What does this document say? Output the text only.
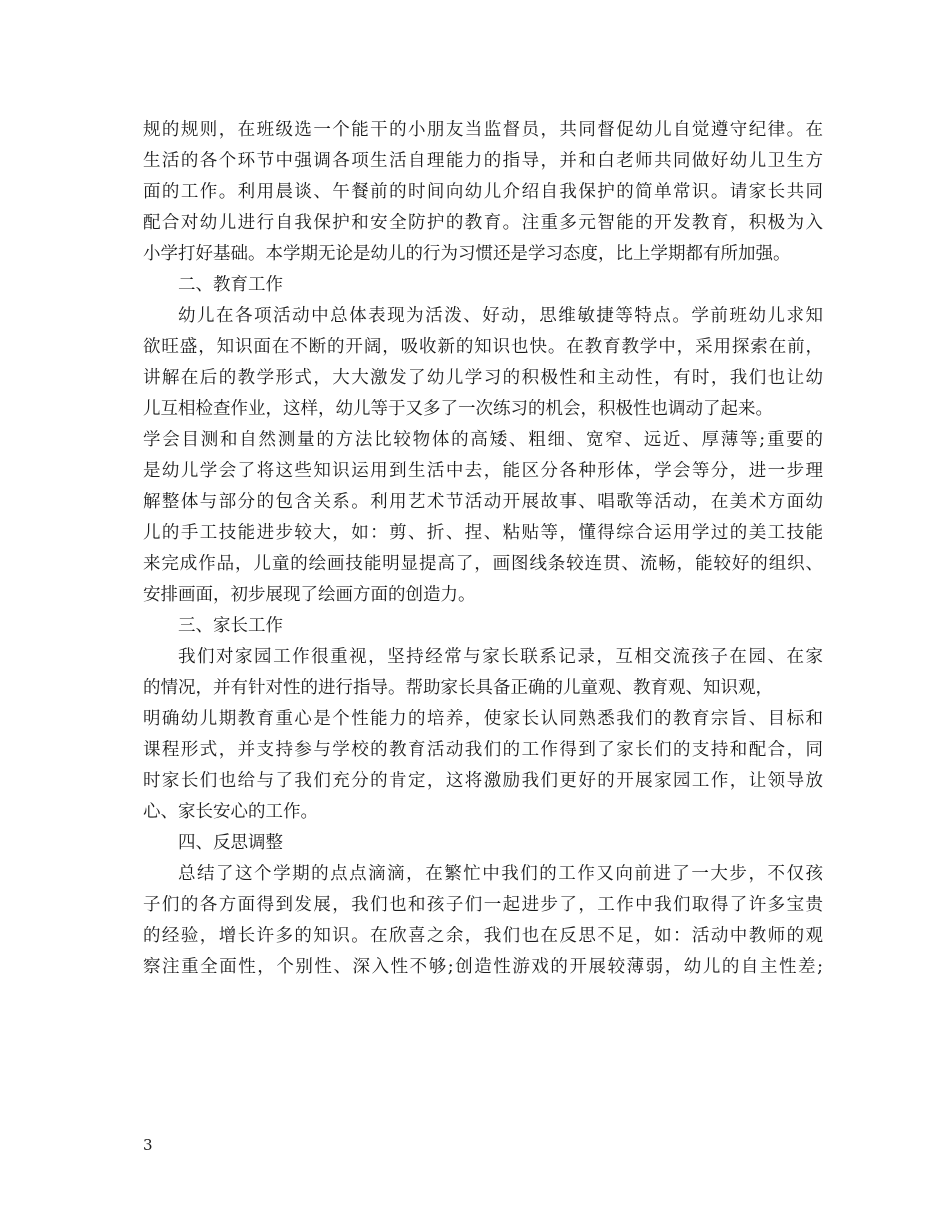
规的规则，在班级选一个能干的小朋友当监督员，共同督促幼儿自觉遵守纪律。在
生活的各个环节中强调各项生活自理能力的指导，并和白老师共同做好幼儿卫生方
面的工作。利用晨谈、午餐前的时间向幼儿介绍自我保护的简单常识。请家长共同
配合对幼儿进行自我保护和安全防护的教育。注重多元智能的开发教育，积极为入
小学打好基础。本学期无论是幼儿的行为习惯还是学习态度，比上学期都有所加强。
二、教育工作
幼儿在各项活动中总体表现为活泼、好动，思维敏捷等特点。学前班幼儿求知
欲旺盛，知识面在不断的开阔，吸收新的知识也快。在教育教学中，采用探索在前，
讲解在后的教学形式，大大激发了幼儿学习的积极性和主动性，有时，我们也让幼
儿互相检查作业，这样，幼儿等于又多了一次练习的机会，积极性也调动了起来。
学会目测和自然测量的方法比较物体的高矮、粗细、宽窄、远近、厚薄等;重要的
是幼儿学会了将这些知识运用到生活中去，能区分各种形体，学会等分，进一步理
解整体与部分的包含关系。利用艺术节活动开展故事、唱歌等活动，在美术方面幼
儿的手工技能进步较大，如：剪、折、捏、粘贴等，懂得综合运用学过的美工技能
来完成作品，儿童的绘画技能明显提高了，画图线条较连贯、流畅，能较好的组织、
安排画面，初步展现了绘画方面的创造力。
三、家长工作
我们对家园工作很重视，坚持经常与家长联系记录，互相交流孩子在园、在家
的情况，并有针对性的进行指导。帮助家长具备正确的儿童观、教育观、知识观，
明确幼儿期教育重心是个性能力的培养，使家长认同熟悉我们的教育宗旨、目标和
课程形式，并支持参与学校的教育活动我们的工作得到了家长们的支持和配合，同
时家长们也给与了我们充分的肯定，这将激励我们更好的开展家园工作，让领导放
心、家长安心的工作。
四、反思调整
总结了这个学期的点点滴滴，在繁忙中我们的工作又向前进了一大步，不仅孩
子们的各方面得到发展，我们也和孩子们一起进步了，工作中我们取得了许多宝贵
的经验，增长许多的知识。在欣喜之余，我们也在反思不足，如：活动中教师的观
察注重全面性，个别性、深入性不够;创造性游戏的开展较薄弱，幼儿的自主性差;
3
